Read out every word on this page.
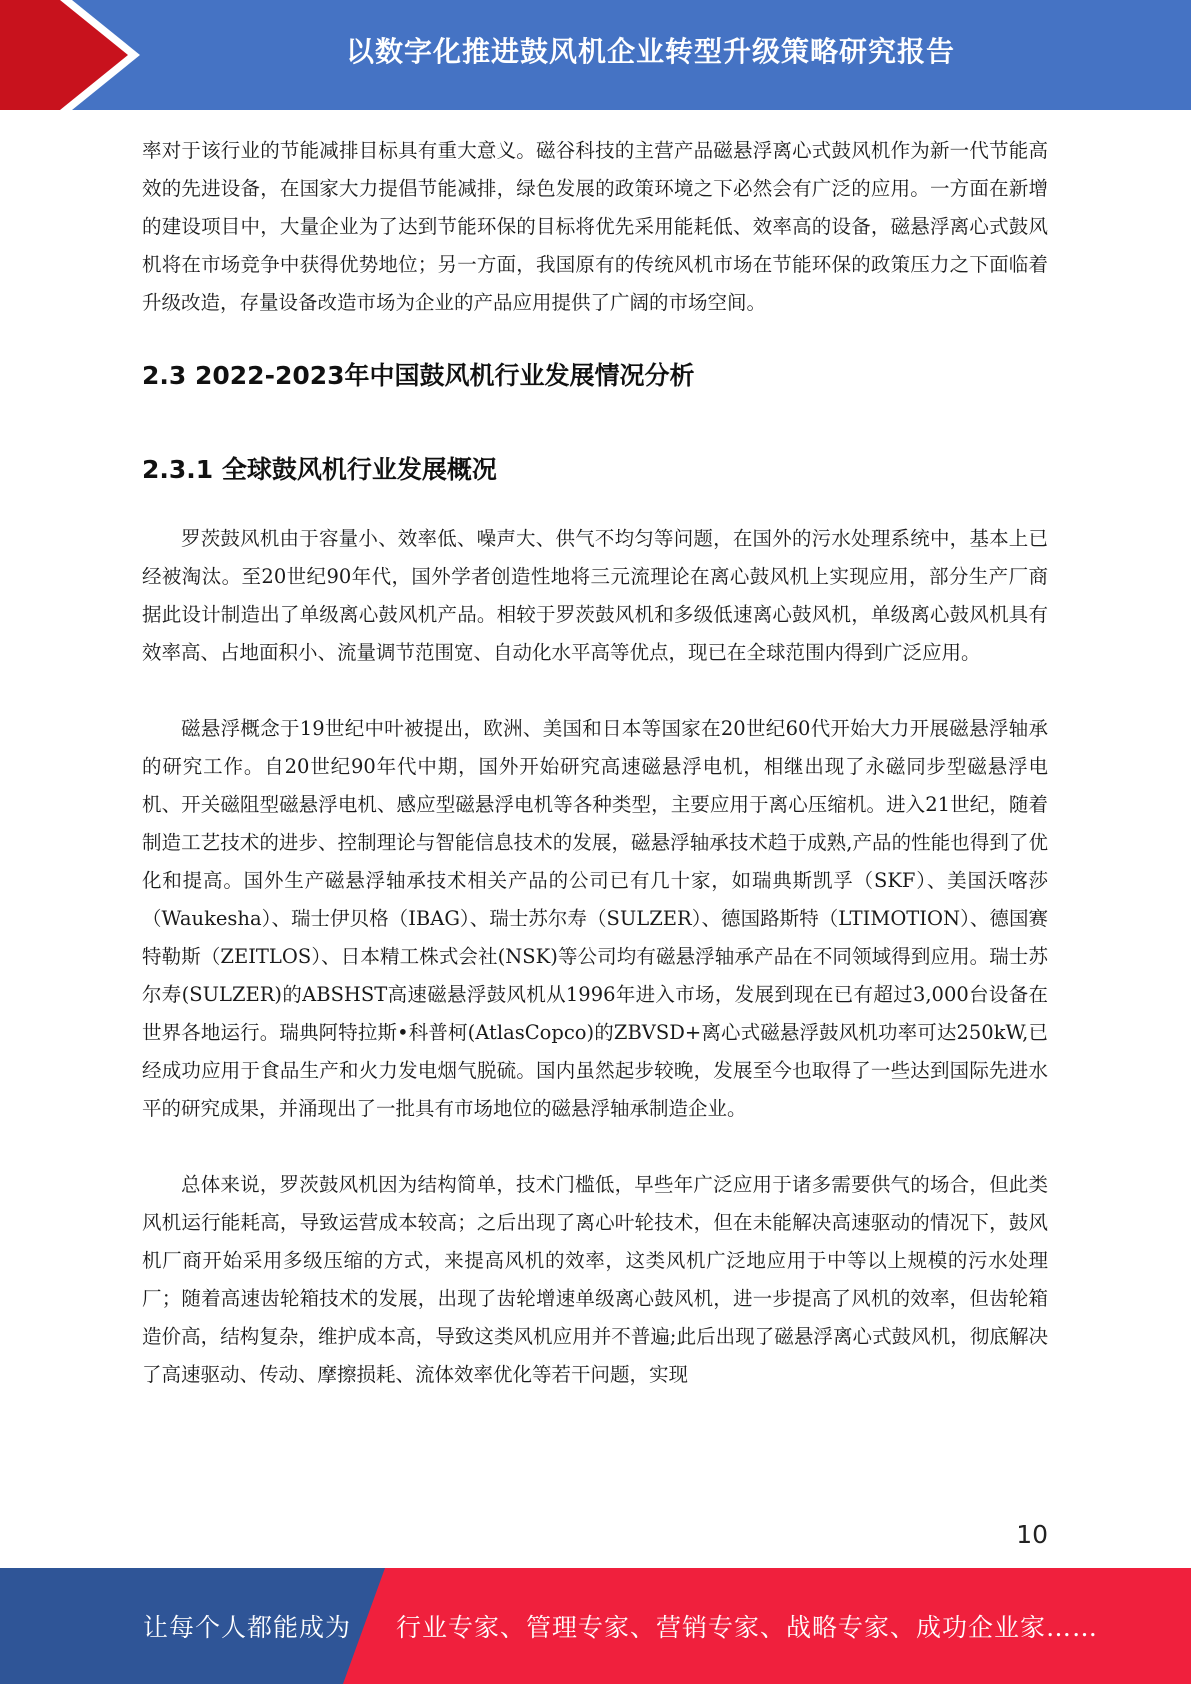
以数字化推进鼓风机企业转型升级策略研究报告

率对于该行业的节能减排目标具有重大意义。磁谷科技的主营产品磁悬浮离心式鼓风机作为新一代节能高效的先进设备，在国家大力提倡节能减排，绿色发展的政策环境之下必然会有广泛的应用。一方面在新增的建设项目中，大量企业为了达到节能环保的目标将优先采用能耗低、效率高的设备，磁悬浮离心式鼓风机将在市场竞争中获得优势地位；另一方面，我国原有的传统风机市场在节能环保的政策压力之下面临着升级改造，存量设备改造市场为企业的产品应用提供了广阔的市场空间。

2.3 2022-2023年中国鼓风机行业发展情况分析
2.3.1 全球鼓风机行业发展概况

罗茨鼓风机由于容量小、效率低、噪声大、供气不均匀等问题，在国外的污水处理系统中，基本上已经被淘汰。至20世纪90年代，国外学者创造性地将三元流理论在离心鼓风机上实现应用，部分生产厂商据此设计制造出了单级离心鼓风机产品。相较于罗茨鼓风机和多级低速离心鼓风机，单级离心鼓风机具有效率高、占地面积小、流量调节范围宽、自动化水平高等优点，现已在全球范围内得到广泛应用。

磁悬浮概念于19世纪中叶被提出，欧洲、美国和日本等国家在20世纪60代开始大力开展磁悬浮轴承的研究工作。自20世纪90年代中期，国外开始研究高速磁悬浮电机，相继出现了永磁同步型磁悬浮电机、开关磁阻型磁悬浮电机、感应型磁悬浮电机等各种类型，主要应用于离心压缩机。进入21世纪，随着制造工艺技术的进步、控制理论与智能信息技术的发展，磁悬浮轴承技术趋于成熟,产品的性能也得到了优化和提高。国外生产磁悬浮轴承技术相关产品的公司已有几十家，如瑞典斯凯孚（SKF）、美国沃喀莎（Waukesha）、瑞士伊贝格（IBAG）、瑞士苏尔寿（SULZER）、德国路斯特（LTIMOTION）、德国赛特勒斯（ZEITLOS）、日本精工株式会社(NSK)等公司均有磁悬浮轴承产品在不同领域得到应用。瑞士苏尔寿(SULZER)的ABSHST高速磁悬浮鼓风机从1996年进入市场，发展到现在已有超过3,000台设备在世界各地运行。瑞典阿特拉斯•科普柯(AtlasCopco)的ZBVSD+离心式磁悬浮鼓风机功率可达250kW,已经成功应用于食品生产和火力发电烟气脱硫。国内虽然起步较晚，发展至今也取得了一些达到国际先进水平的研究成果，并涌现出了一批具有市场地位的磁悬浮轴承制造企业。

总体来说，罗茨鼓风机因为结构简单，技术门槛低，早些年广泛应用于诸多需要供气的场合，但此类风机运行能耗高，导致运营成本较高；之后出现了离心叶轮技术，但在未能解决高速驱动的情况下，鼓风机厂商开始采用多级压缩的方式，来提高风机的效率，这类风机广泛地应用于中等以上规模的污水处理厂；随着高速齿轮箱技术的发展，出现了齿轮增速单级离心鼓风机，进一步提高了风机的效率，但齿轮箱造价高，结构复杂，维护成本高，导致这类风机应用并不普遍;此后出现了磁悬浮离心式鼓风机，彻底解决了高速驱动、传动、摩擦损耗、流体效率优化等若干问题，实现

10
让每个人都能成为 行业专家、管理专家、营销专家、战略专家、成功企业家……
